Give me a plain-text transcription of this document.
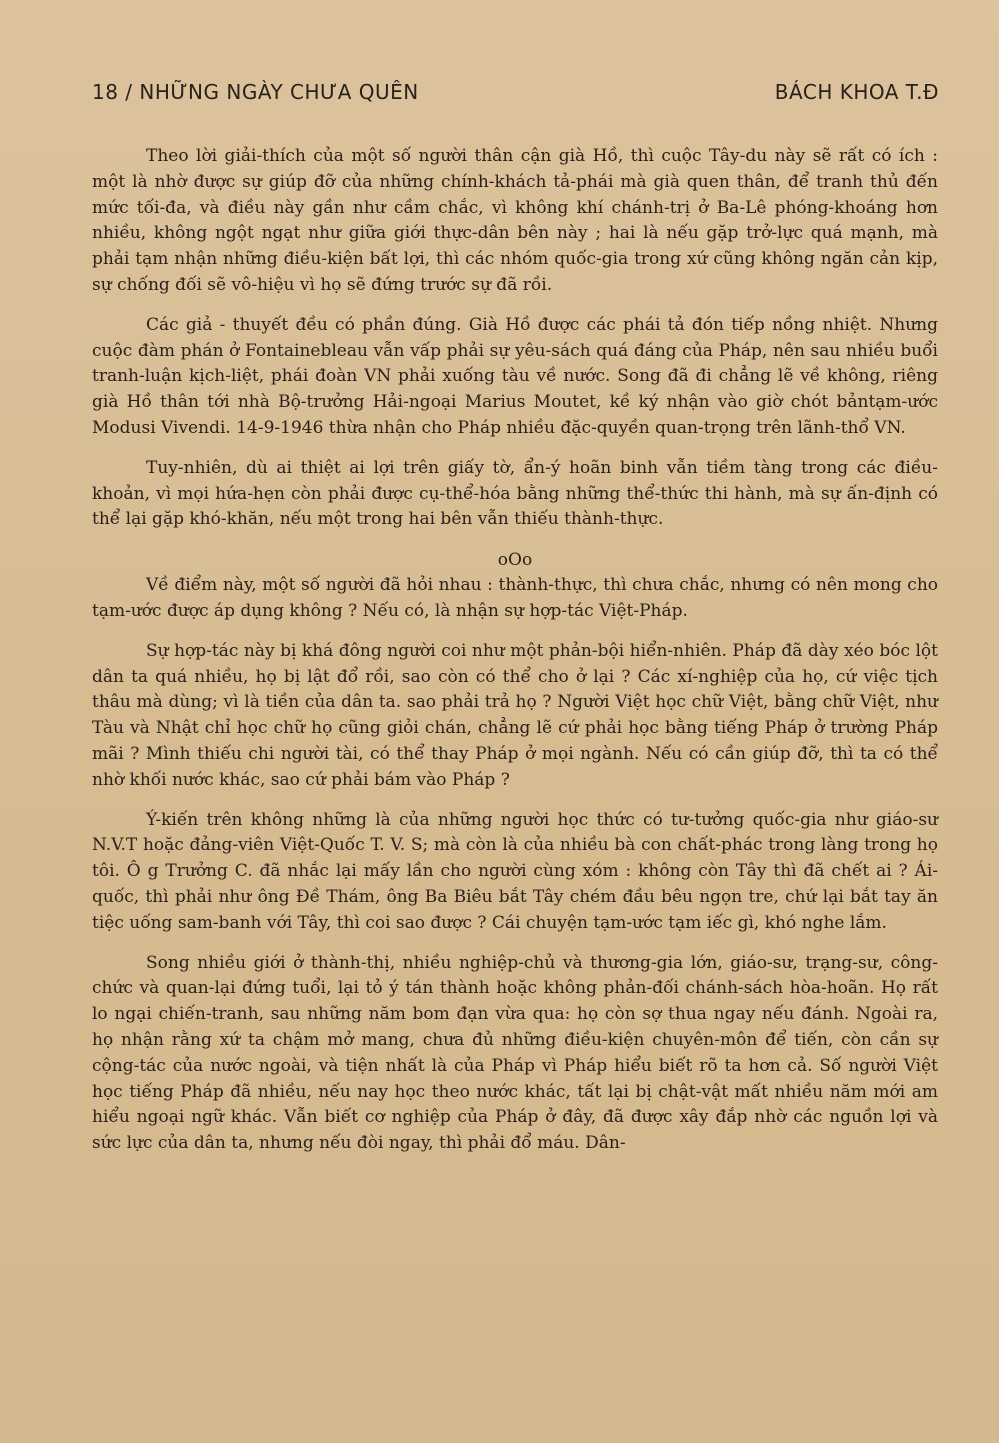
18 / NHỮNG NGÀY CHƯA QUÊN	BÁCH KHOA T.Đ

Theo lời giải-thích của một số người thân cận già Hồ, thì cuộc Tây-du này sẽ rất có ích : một là nhờ được sự giúp đỡ của những chính-khách tả-phái mà già quen thân, để tranh thủ đến mức tối-đa, và điều này gần như cầm chắc, vì không khí chánh-trị ở Ba-Lê phóng-khoáng hơn nhiều, không ngột ngạt như giữa giới thực-dân bên này ; hai là nếu gặp trở-lực quá mạnh, mà phải tạm nhận những điều-kiện bất lợi, thì các nhóm quốc-gia trong xứ cũng không ngăn cản kịp, sự chống đối sẽ vô-hiệu vì họ sẽ đứng trước sự đã rồi.

Các giả - thuyết đều có phần đúng. Già Hồ được các phái tả đón tiếp nồng nhiệt. Nhưng cuộc đàm phán ở Fontainebleau vẫn vấp phải sự yêu-sách quá đáng của Pháp, nên sau nhiều buổi tranh-luận kịch-liệt, phái đoàn VN phải xuống tàu về nước. Song đã đi chẳng lẽ về không, riêng già Hồ thân tới nhà Bộ-trưởng Hải-ngoại Marius Moutet, kề ký nhận vào giờ chót bảntạm-ước Modusi Vivendi. 14-9-1946 thừa nhận cho Pháp nhiều đặc-quyền quan-trọng trên lãnh-thổ VN.

Tuy-nhiên, dù ai thiệt ai lợi trên giấy tờ, ẩn-ý hoãn binh vẫn tiềm tàng trong các điều-khoản, vì mọi hứa-hẹn còn phải được cụ-thể-hóa bằng những thể-thức thi hành, mà sự ấn-định có thể lại gặp khó-khăn, nếu một trong hai bên vẫn thiếu thành-thực.

oOo

Về điểm này, một số người đã hỏi nhau : thành-thực, thì chưa chắc, nhưng có nên mong cho tạm-ước được áp dụng không ? Nếu có, là nhận sự hợp-tác Việt-Pháp.

Sự hợp-tác này bị khá đông người coi như một phản-bội hiển-nhiên. Pháp đã dày xéo bóc lột dân ta quá nhiều, họ bị lật đổ rồi, sao còn có thể cho ở lại ? Các xí-nghiệp của họ, cứ việc tịch thâu mà dùng; vì là tiền của dân ta. sao phải trả họ ? Người Việt học chữ Việt, bằng chữ Việt, như Tàu và Nhật chỉ học chữ họ cũng giỏi chán, chẳng lẽ cứ phải học bằng tiếng Pháp ở trường Pháp mãi ? Mình thiếu chi người tài, có thể thay Pháp ở mọi ngành. Nếu có cần giúp đỡ, thì ta có thể nhờ khối nước khác, sao cứ phải bám vào Pháp ?

Ý-kiến trên không những là của những người học thức có tư-tưởng quốc-gia như giáo-sư N.V.T hoặc đảng-viên Việt-Quốc T. V. S; mà còn là của nhiều bà con chất-phác trong làng trong họ tôi. Ô g Trưởng C. đã nhắc lại mấy lần cho người cùng xóm : không còn Tây thì đã chết ai ? Ái-quốc, thì phải như ông Đề Thám, ông Ba Biêu bắt Tây chém đầu bêu ngọn tre, chứ lại bắt tay ăn tiệc uống sam-banh với Tây, thì coi sao được ? Cái chuyện tạm-ước tạm iếc gì, khó nghe lắm.

Song nhiều giới ở thành-thị, nhiều nghiệp-chủ và thương-gia lớn, giáo-sư, trạng-sư, công-chức và quan-lại đứng tuổi, lại tỏ ý tán thành hoặc không phản-đối chánh-sách hòa-hoãn. Họ rất lo ngại chiến-tranh, sau những năm bom đạn vừa qua: họ còn sợ thua ngay nếu đánh. Ngoài ra, họ nhận rằng xứ ta chậm mở mang, chưa đủ những điều-kiện chuyên-môn để tiến, còn cần sự cộng-tác của nước ngoài, và tiện nhất là của Pháp vì Pháp hiểu biết rõ ta hơn cả. Số người Việt học tiếng Pháp đã nhiều, nếu nay học theo nước khác, tất lại bị chật-vật mất nhiều năm mới am hiểu ngoại ngữ khác. Vẫn biết cơ nghiệp của Pháp ở đây, đã được xây đắp nhờ các nguồn lợi và sức lực của dân ta, nhưng nếu đòi ngay, thì phải đổ máu. Dân-
